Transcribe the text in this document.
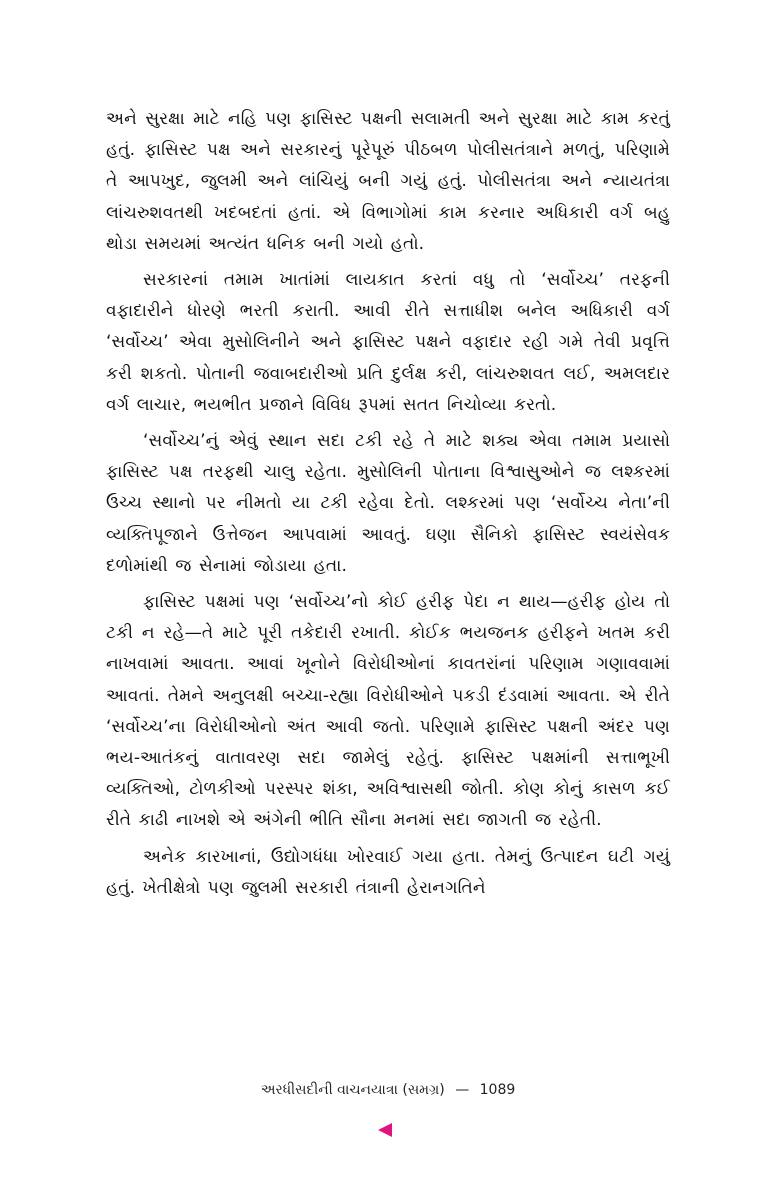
અને સુરક્ષા માટે નહિ પણ ફાસિસ્ટ પક્ષની સલામતી અને સુરક્ષા માટે કામ કરતું હતું. ફાસિસ્ટ પક્ષ અને સરકારનું પૂરેપૂરું પીઠબળ પોલીસતંત્રાને મળતું, પરિણામે તે આપખુદ, જુલમી અને લાંચિયું બની ગયું હતું. પોલીસતંત્રા અને ન્યાયતંત્રા લાંચરુશવતથી ખદબદતાં હતાં. એ વિભાગોમાં કામ કરનાર અધિકારી વર્ગ બહુ થોડા સમયમાં અત્યંત ધનિક બની ગયો હતો.

સરકારનાં તમામ ખાતાંમાં લાયકાત કરતાં વધુ તો ‘સર્વોચ્ચ’ તરફની વફાદારીને ધોરણે ભરતી કરાતી. આવી રીતે સત્તાધીશ બનેલ અધિકારી વર્ગ ‘સર્વોચ્ચ’ એવા મુસોલિનીને અને ફાસિસ્ટ પક્ષને વફાદાર રહી ગમે તેવી પ્રવૃત્તિ કરી શકતો. પોતાની જવાબદારીઓ પ્રતિ દુર્લક્ષ કરી, લાંચરુશવત લઈ, અમલદાર વર્ગ લાચાર, ભયભીત પ્રજાને વિવિધ રૂપમાં સતત નિચોવ્યા કરતો.

‘સર્વોચ્ચ’નું એવું સ્થાન સદા ટકી રહે તે માટે શક્ય એવા તમામ પ્રયાસો ફાસિસ્ટ પક્ષ તરફથી ચાલુ રહેતા. મુસોલિની પોતાના વિશ્વાસુઓને જ લશ્કરમાં ઉચ્ચ સ્થાનો પર નીમતો યા ટકી રહેવા દેતો. લશ્કરમાં પણ ‘સર્વોચ્ચ નેતા’ની વ્યક્તિપૂજાને ઉત્તેજન આપવામાં આવતું. ઘણા સૈનિકો ફાસિસ્ટ સ્વયંસેવક દળોમાંથી જ સેનામાં જોડાયા હતા.

ફાસિસ્ટ પક્ષમાં પણ ‘સર્વોચ્ચ’નો કોઈ હરીફ પેદા ન થાય—હરીફ હોય તો ટકી ન રહે—તે માટે પૂરી તકેદારી રખાતી. કોઈક ભયજનક હરીફને ખતમ કરી નાખવામાં આવતા. આવાં ખૂનોને વિરોધીઓનાં કાવતરાંનાં પરિણામ ગણાવવામાં આવતાં. તેમને અનુલક્ષી બચ્ચા-રહ્યા વિરોધીઓને પકડી દંડવામાં આવતા. એ રીતે ‘સર્વોચ્ચ’ના વિરોધીઓનો અંત આવી જતો. પરિણામે ફાસિસ્ટ પક્ષની અંદર પણ ભય-આતંકનું વાતાવરણ સદા જામેલું રહેતું. ફાસિસ્ટ પક્ષમાંની સત્તાભૂખી વ્યક્તિઓ, ટોળકીઓ પરસ્પર શંકા, અવિશ્વાસથી જોતી. કોણ કોનું કાસળ કઈ રીતે કાઢી નાખશે એ અંગેની ભીતિ સૌના મનમાં સદા જાગતી જ રહેતી.

અનેક કારખાનાં, ઉદ્યોગધંધા ખોરવાઈ ગયા હતા. તેમનું ઉત્પાદન ઘટી ગયું હતું. ખેતીક્ષેત્રો પણ જુલમી સરકારી તંત્રાની હેરાનગતિને

અરધીસદીની વાચનયાત્રા (સમગ્ર) — 1089
